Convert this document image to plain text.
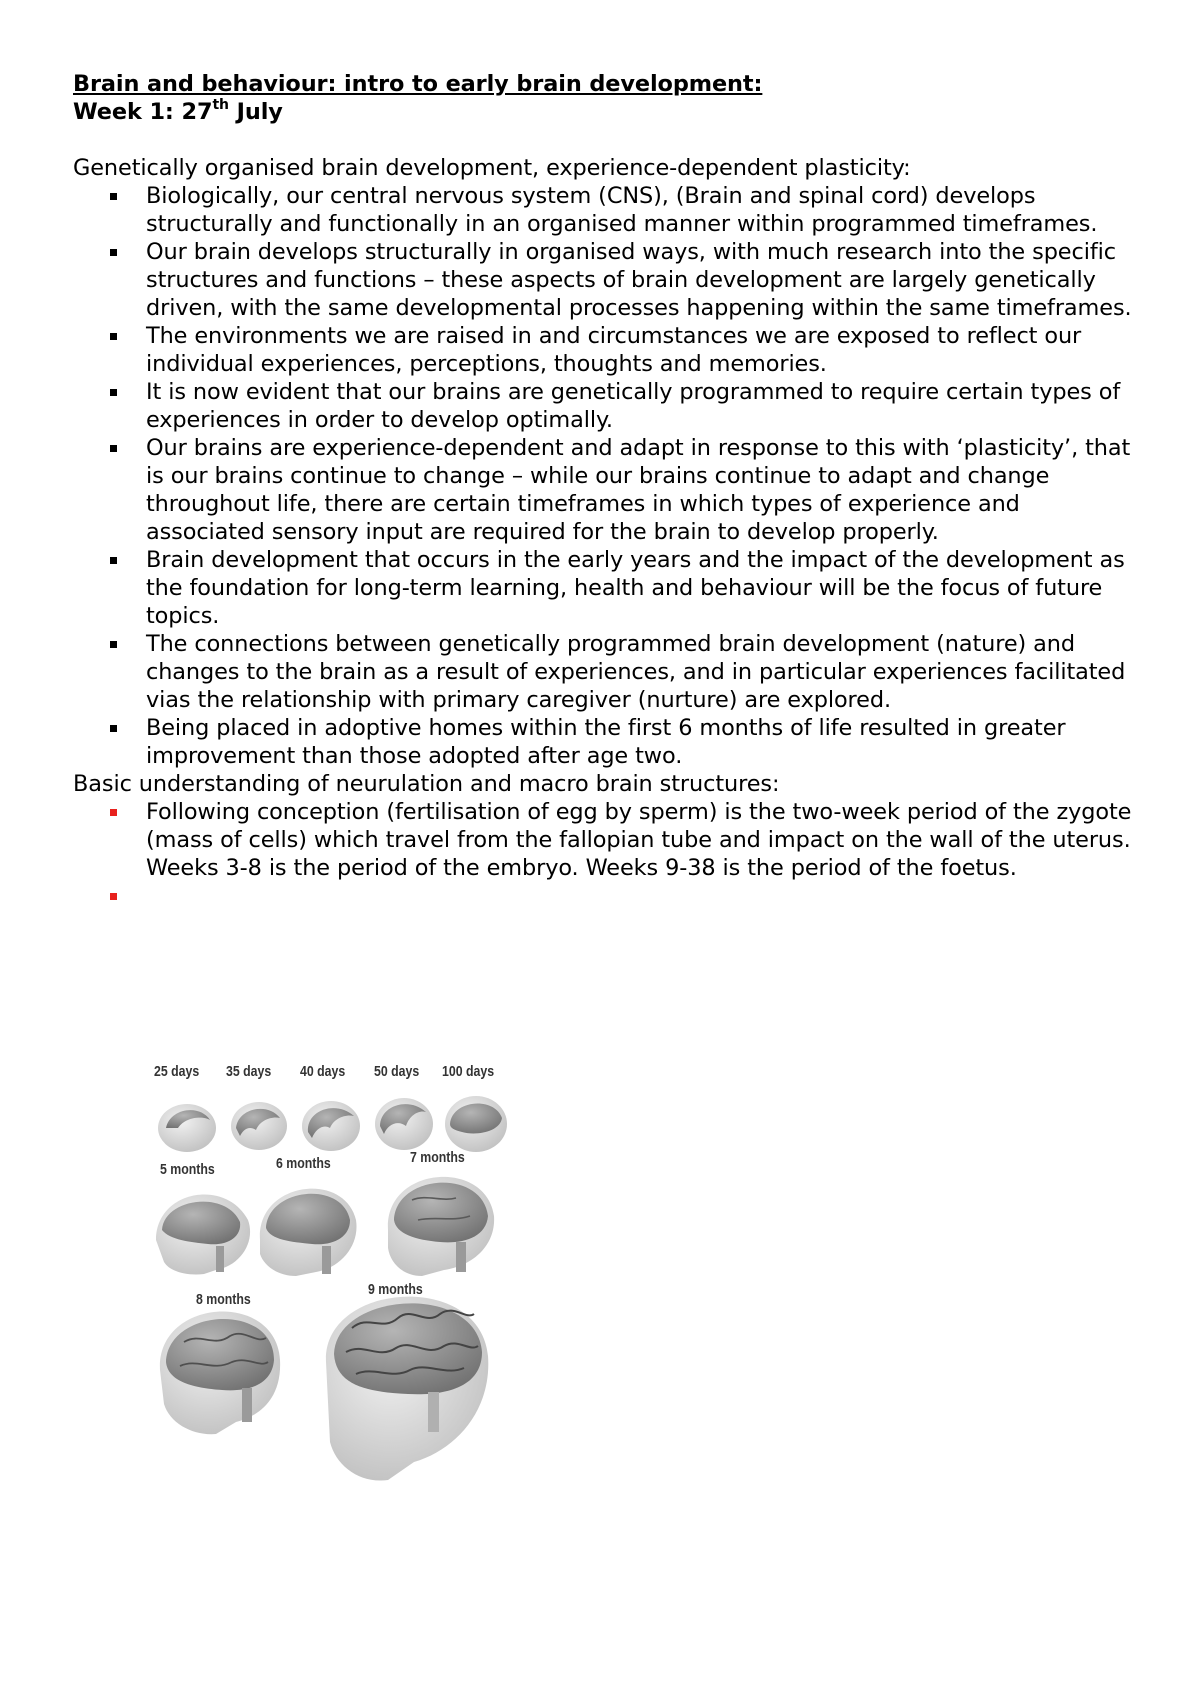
Brain and behaviour: intro to early brain development:

Week 1: 27th July

Genetically organised brain development, experience-dependent plasticity:

Biologically, our central nervous system (CNS), (Brain and spinal cord) develops structurally and functionally in an organised manner within programmed timeframes.
Our brain develops structurally in organised ways, with much research into the specific structures and functions – these aspects of brain development are largely genetically driven, with the same developmental processes happening within the same timeframes.
The environments we are raised in and circumstances we are exposed to reflect our individual experiences, perceptions, thoughts and memories.
It is now evident that our brains are genetically programmed to require certain types of experiences in order to develop optimally.
Our brains are experience-dependent and adapt in response to this with ‘plasticity’, that is our brains continue to change – while our brains continue to adapt and change throughout life, there are certain timeframes in which types of experience and associated sensory input are required for the brain to develop properly.
Brain development that occurs in the early years and the impact of the development as the foundation for long-term learning, health and behaviour will be the focus of future topics.
The connections between genetically programmed brain development (nature) and changes to the brain as a result of experiences, and in particular experiences facilitated vias the relationship with primary caregiver (nurture) are explored.
Being placed in adoptive homes within the first 6 months of life resulted in greater improvement than those adopted after age two.

Basic understanding of neurulation and macro brain structures:

Following conception (fertilisation of egg by sperm) is the two-week period of the zygote (mass of cells) which travel from the fallopian tube and impact on the wall of the uterus. Weeks 3-8 is the period of the embryo. Weeks 9-38 is the period of the foetus.
25 days 35 days 40 days 50 days 100 days
5 months	6 months	7 months
8 months
9 months
